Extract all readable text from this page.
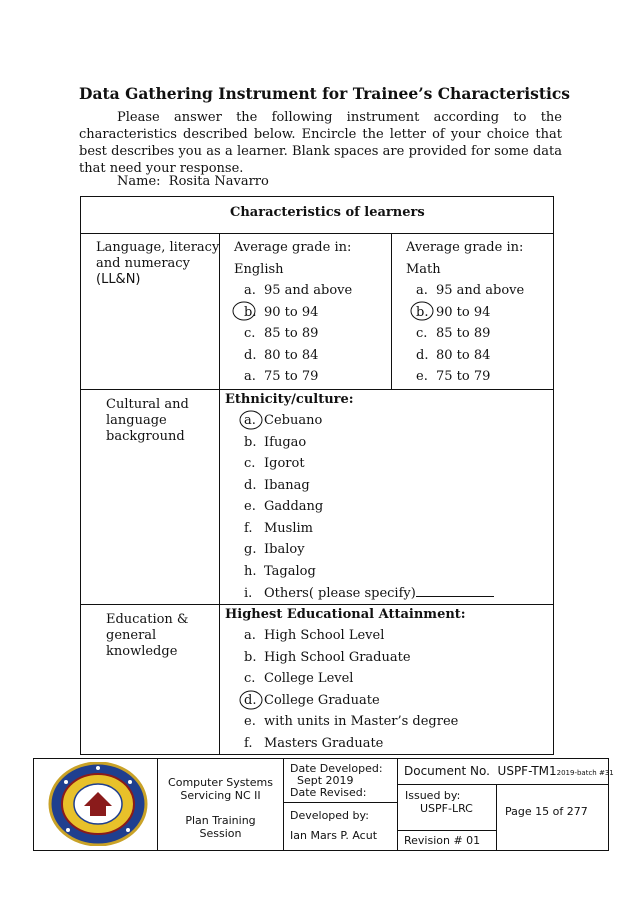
Data Gathering Instrument for Trainee’s Characteristics

Please answer the following instrument according to the characteristics described below. Encircle the letter of your choice that best describes you as a learner. Blank spaces are provided for some data that need your response.

Name: Rosita Navarro
Characteristics of learners
Language, literacy
and numeracy
(LL&N)
Average grade in:
English
a. 95 and above
b. 90 to 94
c. 85 to 89
d. 80 to 84
a. 75 to 79
Average grade in:
Math
a. 95 and above
b. 90 to 94
c. 85 to 89
d. 80 to 84
e. 75 to 79
Cultural and
language
background
Ethnicity/culture:
a. Cebuano
b. Ifugao
c. Igorot
d. Ibanag
e. Gaddang
f. Muslim
g. Ibaloy
h. Tagalog
i. Others( please specify)
Education &
general
knowledge
Highest Educational Attainment:
a. High School Level
b. High School Graduate
c. College Level
d. College Graduate
e. with units in Master’s degree
f. Masters Graduate
Computer Systems
Servicing NC II
Plan Training
Session
Date Developed:
Sept 2019
Date Revised:
Developed by:
Ian Mars P. Acut
Document No. USPF-TM12019-batch #31
Issued by:
USPF-LRC
Revision # 01
Page 15 of 277
